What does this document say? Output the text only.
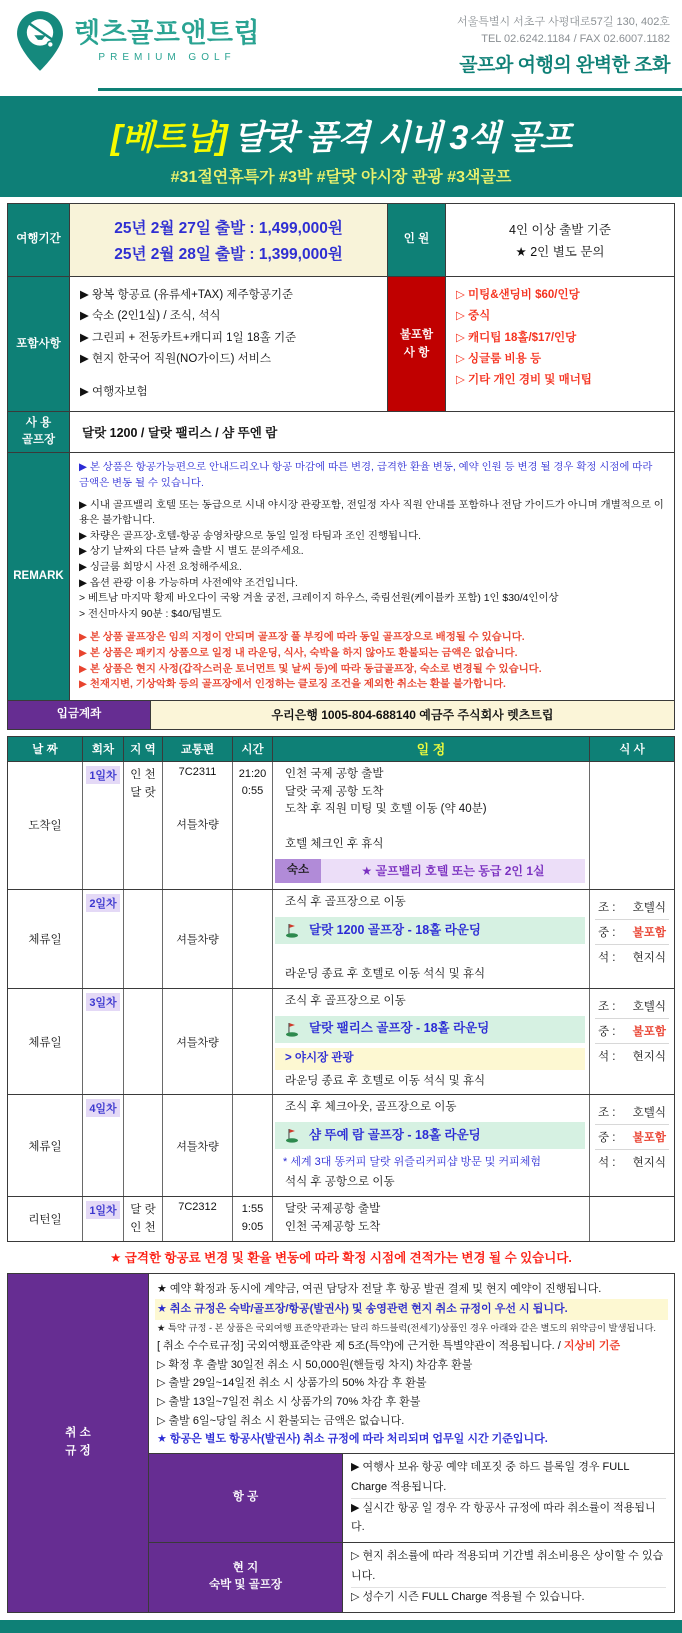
렛츠골프앤트립
PREMIUM GOLF
서울특별시 서초구 사평대로57길 130, 402호
TEL 02.6242.1184 / FAX 02.6007.1182
골프와 여행의 완벽한 조화
[베트남] 달랏 품격 시내 3색 골프
#31절연휴특가 #3박 #달랏 야시장 관광 #3색골프
여행기간
25년 2월 27일 출발 : 1,499,000원
25년 2월 28일 출발 : 1,399,000원
인 원
4인 이상 출발 기준
★ 2인 별도 문의
포함사항
▶ 왕복 항공료 (유류세+TAX) 제주항공기준
▶ 숙소 (2인1실) / 조식, 석식
▶ 그린피 + 전동카트+캐디피 1일 18홀 기준
▶ 현지 한국어 직원(NO가이드) 서비스
▶ 여행자보험
불포함
사 항
▷ 미팅&샌딩비 $60/인당
▷ 중식
▷ 캐디팁 18홀/$17/인당
▷ 싱글룸 비용 등
▷ 기타 개인 경비 및 매너팁
사 용
골프장	달랏 1200 / 달랏 팰리스 / 샴 뚜엔 람
REMARK
▶ 본 상품은 항공가능편으로 안내드리오나 항공 마감에 따른 변경, 급격한 환율 변동, 예약 인원 등 변경 될 경우 확정 시점에 따라 금액은 변동 될 수 있습니다.
▶ 시내 골프밸리 호텔 또는 동급으로 시내 야시장 관광포함, 전일정 자사 직원 안내를 포함하나 전담 가이드가 아니며 개별적으로 이용은 불가합니다.
▶ 차량은 골프장-호텔-항공 송영차량으로 동일 일정 타팀과 조인 진행됩니다.
▶ 상기 날짜외 다른 날짜 출발 시 별도 문의주세요.
▶ 싱글룸 희망시 사전 요청해주세요.
▶ 옵션 관광 이용 가능하며 사전예약 조건입니다.
> 베트남 마지막 황제 바오다이 국왕 겨울 궁전, 크레이지 하우스, 죽림선원(케이블카 포함) 1인 $30/4인이상
> 전신마사지 90분 : $40/팁별도
▶ 본 상품 골프장은 임의 지정이 안되며 골프장 풀 부킹에 따라 동일 골프장으로 배정될 수 있습니다.
▶ 본 상품은 패키지 상품으로 일정 내 라운딩, 식사, 숙박을 하지 않아도 환불되는 금액은 없습니다.
▶ 본 상품은 현지 사정(갑작스러운 토너먼트 및 날씨 등)에 따라 동급골프장, 숙소로 변경될 수 있습니다.
▶ 천재지변, 기상악화 등의 골프장에서 인정하는 클로징 조건을 제외한 취소는 환불 불가합니다.
입금계좌	우리은행 1005-804-688140 예금주 주식회사 렛츠트립
날 짜	회차	지 역	교통편	시간	일 정	식 사
도착일
1일차	인 천
달 랏
7C2311
셔틀차량
21:20
0:55
인천 국제 공항 출발
달랏 국제 공항 도착
도착 후 직원 미팅 및 호텔 이동 (약 40분)
호텔 체크인 후 휴식
숙소	★ 골프밸리 호텔 또는 동급 2인 1실
체류일
2일차
셔틀차량
조식 후 골프장으로 이동
달랏 1200 골프장 - 18홀 라운딩
라운딩 종료 후 호텔로 이동 석식 및 휴식
조 : 호텔식
중 : 불포함
석 : 현지식
체류일
3일차
셔틀차량
조식 후 골프장으로 이동
달랏 팰리스 골프장 - 18홀 라운딩
> 야시장 관광
라운딩 종료 후 호텔로 이동 석식 및 휴식
조 : 호텔식
중 : 불포함
석 : 현지식
체류일
4일차
셔틀차량
조식 후 체크아웃, 골프장으로 이동
샴 뚜예 람 골프장 - 18홀 라운딩
* 세계 3대 똥커피 달랏 위즐리커피샵 방문 및 커피체험
석식 후 공항으로 이동
조 : 호텔식
중 : 불포함
석 : 현지식
리턴일
1일차	달 랏
인 천
7C2312	1:55
9:05
달랏 국제공항 출발
인천 국제공항 도착
★ 급격한 항공료 변경 및 환율 변동에 따라 확정 시점에 견적가는 변경 될 수 있습니다.
취 소
규 정
★ 예약 확정과 동시에 계약금, 여권 담당자 전달 후 항공 발권 결제 및 현지 예약이 진행됩니다.
★ 취소 규정은 숙박/골프장/항공(발권사) 및 송영관련 현지 취소 규정이 우선 시 됩니다.
★ 특약 규정 - 본 상품은 국외여행 표준약관과는 달리 하드블럭(전세기)상품인 경우 아래와 같은 별도의 위약금이 발생됩니다.
[ 취소 수수료규정] 국외여행표준약관 제 5조(특약)에 근거한 특별약관이 적용됩니다. / 지상비 기준
▷ 확정 후 출발 30일전 취소 시 50,000원(핸들링 차지) 차감후 환불
▷ 출발 29일~14일전 취소 시 상품가의 50% 차감 후 환불
▷ 출발 13일~7일전 취소 시 상품가의 70% 차감 후 환불
▷ 출발 6일~당일 취소 시 환불되는 금액은 없습니다.
★ 항공은 별도 항공사(발권사) 취소 규정에 따라 처리되며 업무일 시간 기준입니다.
항 공
▶ 여행사 보유 항공 예약 데포짓 중 하드 블록일 경우 FULL Charge 적용됩니다.
▶ 실시간 항공 일 경우 각 항공사 규정에 따라 취소률이 적용됩니다.
현 지
숙박 및 골프장
▷ 현지 취소률에 따라 적용되며 기간별 취소비용은 상이할 수 있습니다.
▷ 성수기 시즌 FULL Charge 적용될 수 있습니다.
